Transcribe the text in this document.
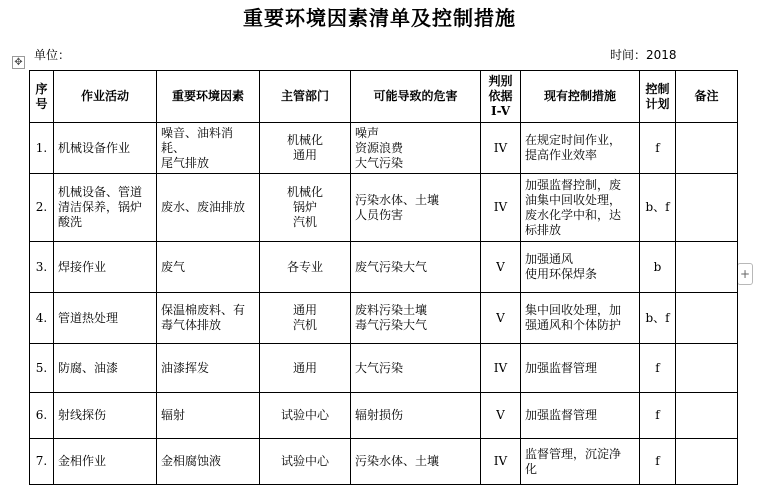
重要环境因素清单及控制措施
单位：	时间：2018
✥
+
序号	作业活动	重要环境因素	主管部门	可能导致的危害	判别
依据
I-V	现有控制措施	控制计划	备注
1.	机械设备作业	噪音、油料消耗、
尾气排放	机械化
通用	噪声
资源浪费
大气污染	IV	在规定时间作业，
提高作业效率	f	
2.	机械设备、管道
清洁保养，锅炉
酸洗	废水、废油排放	机械化
锅炉
汽机	污染水体、土壤
人员伤害	IV	加强监督控制，废
油集中回收处理，
废水化学中和，达
标排放	b、f	
3.	焊接作业	废气	各专业	废气污染大气	V	加强通风
使用环保焊条	b	
4.	管道热处理	保温棉废料、有
毒气体排放	通用
汽机	废料污染土壤
毒气污染大气	V	集中回收处理，加
强通风和个体防护	b、f	
5.	防腐、油漆	油漆挥发	通用	大气污染	IV	加强监督管理	f	
6.	射线探伤	辐射	试验中心	辐射损伤	V	加强监督管理	f	
7.	金相作业	金相腐蚀液	试验中心	污染水体、土壤	IV	监督管理，沉淀净
化	f	
